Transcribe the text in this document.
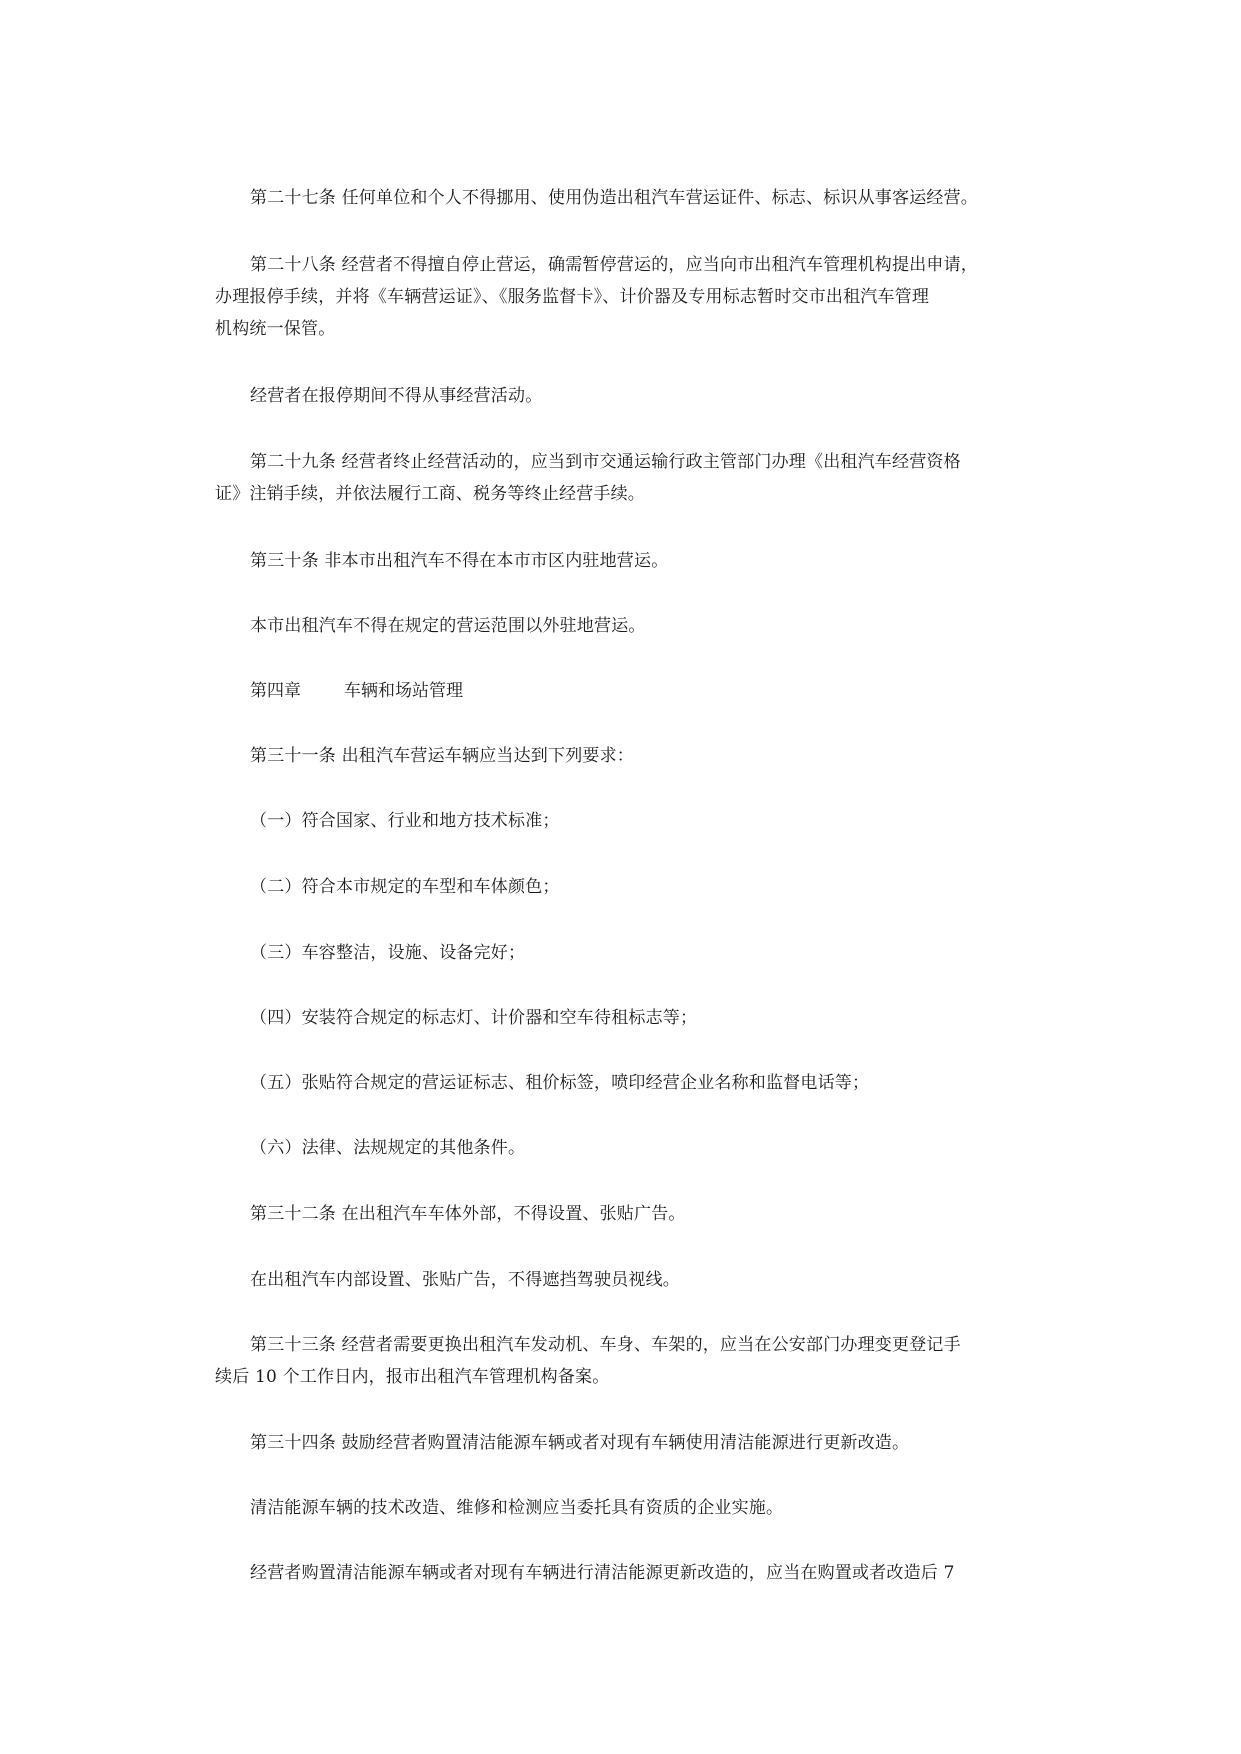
第二十七条 任何单位和个人不得挪用、使用伪造出租汽车营运证件、标志、标识从事客运经营。
第二十八条 经营者不得擅自停止营运，确需暂停营运的，应当向市出租汽车管理机构提出申请，
办理报停手续，并将《车辆营运证》、《服务监督卡》、计价器及专用标志暂时交市出租汽车管理
机构统一保管。
经营者在报停期间不得从事经营活动。
第二十九条 经营者终止经营活动的，应当到市交通运输行政主管部门办理《出租汽车经营资格
证》注销手续，并依法履行工商、税务等终止经营手续。
第三十条 非本市出租汽车不得在本市市区内驻地营运。
本市出租汽车不得在规定的营运范围以外驻地营运。
第四章	车辆和场站管理
第三十一条 出租汽车营运车辆应当达到下列要求：
（一）符合国家、行业和地方技术标准；
（二）符合本市规定的车型和车体颜色；
（三）车容整洁，设施、设备完好；
（四）安装符合规定的标志灯、计价器和空车待租标志等；
（五）张贴符合规定的营运证标志、租价标签，喷印经营企业名称和监督电话等；
（六）法律、法规规定的其他条件。
第三十二条 在出租汽车车体外部，不得设置、张贴广告。
在出租汽车内部设置、张贴广告，不得遮挡驾驶员视线。
第三十三条 经营者需要更换出租汽车发动机、车身、车架的，应当在公安部门办理变更登记手
续后 10 个工作日内，报市出租汽车管理机构备案。
第三十四条 鼓励经营者购置清洁能源车辆或者对现有车辆使用清洁能源进行更新改造。
清洁能源车辆的技术改造、维修和检测应当委托具有资质的企业实施。
经营者购置清洁能源车辆或者对现有车辆进行清洁能源更新改造的，应当在购置或者改造后 7
